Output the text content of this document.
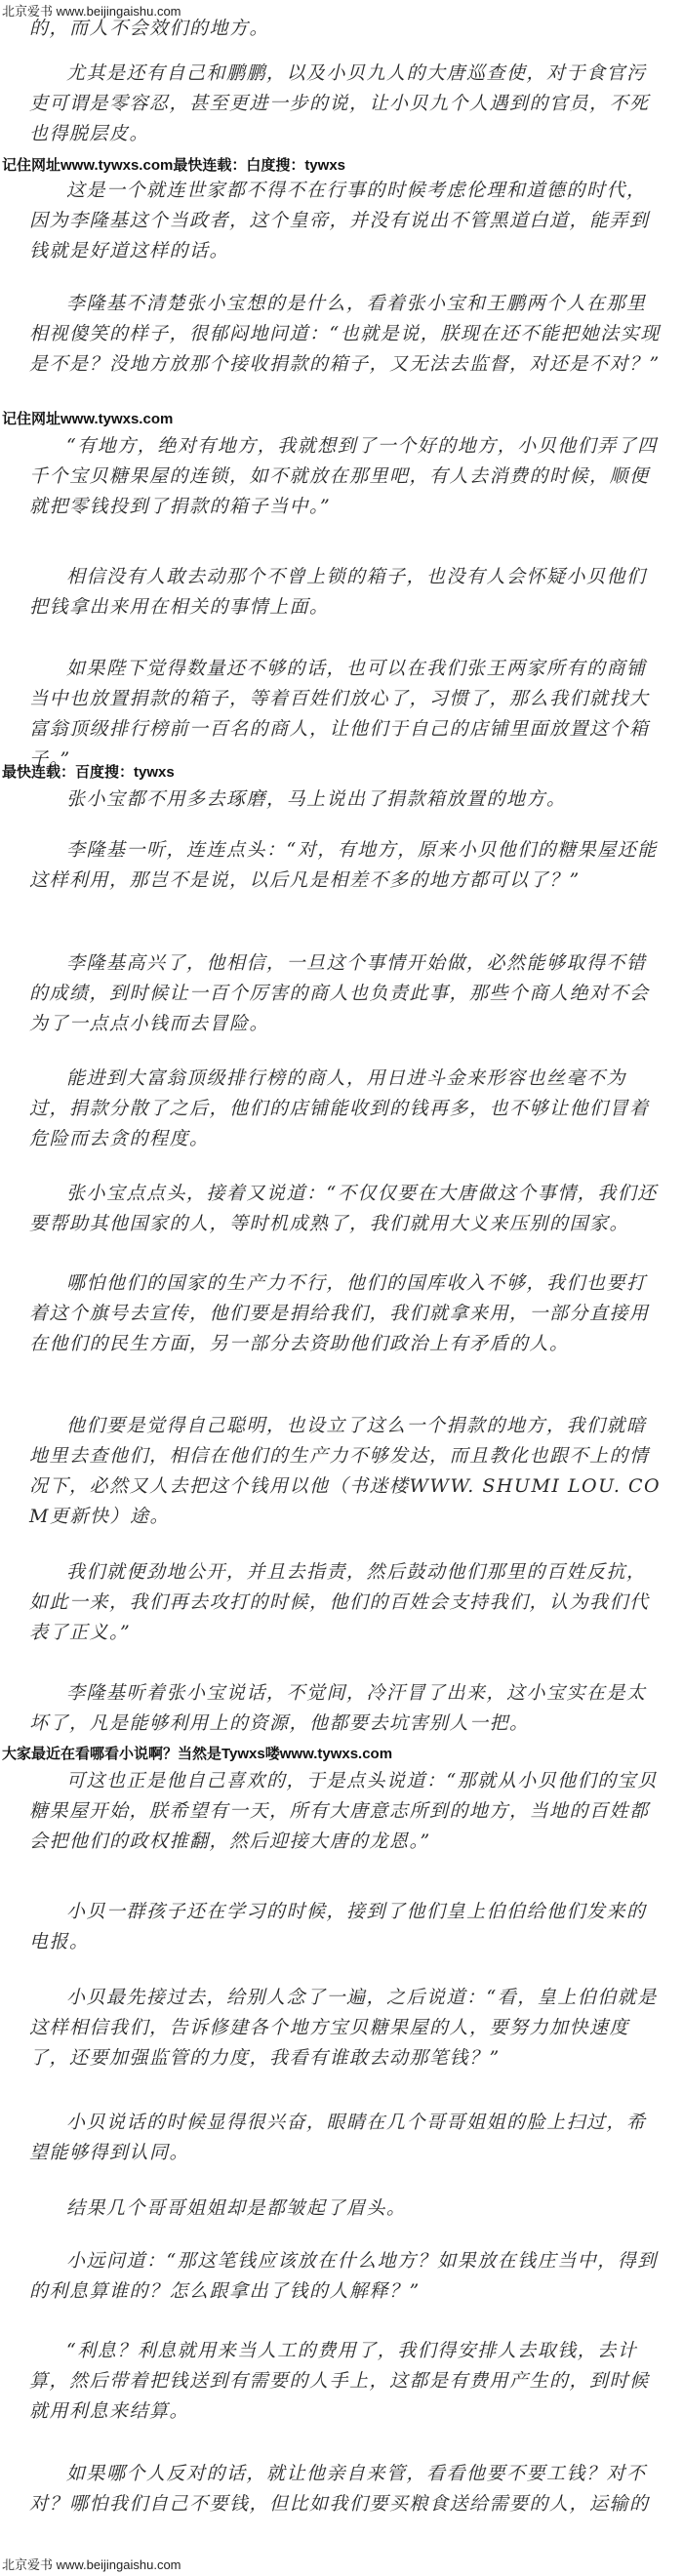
北京爱书 www.beijingaishu.com
的，而人不会效们的地方。
尤其是还有自己和鹏鹏，以及小贝九人的大唐巡查使，对于食官污吏可谓是零容忍，甚至更进一步的说，让小贝九个人遇到的官员，不死也得脱层皮。
记住网址www.tywxs.com最快连载：白度搜：tywxs
这是一个就连世家都不得不在行事的时候考虑伦理和道德的时代，因为李隆基这个当政者，这个皇帝，并没有说出不管黑道白道，能弄到钱就是好道这样的话。
李隆基不清楚张小宝想的是什么，看着张小宝和王鹏两个人在那里相视傻笑的样子，很郁闷地问道：“也就是说，朕现在还不能把她法实现是不是？没地方放那个接收捐款的箱子，又无法去监督，对还是不对？”
记住网址www.tywxs.com
“有地方，绝对有地方，我就想到了一个好的地方，小贝他们弄了四千个宝贝糖果屋的连锁，如不就放在那里吧，有人去消费的时候，顺便就把零钱投到了捐款的箱子当中。”
相信没有人敢去动那个不曾上锁的箱子，也没有人会怀疑小贝他们把钱拿出来用在相关的事情上面。
如果陛下觉得数量还不够的话，也可以在我们张王两家所有的商铺当中也放置捐款的箱子，等着百姓们放心了，习惯了，那么我们就找大富翁顶级排行榜前一百名的商人，让他们于自己的店铺里面放置这个箱子。”
最快连载：百度搜：tywxs
张小宝都不用多去琢磨，马上说出了捐款箱放置的地方。
李隆基一听，连连点头：“对，有地方，原来小贝他们的糖果屋还能这样利用，那岂不是说，以后凡是相差不多的地方都可以了？”
李隆基高兴了，他相信，一旦这个事情开始做，必然能够取得不错的成绩，到时候让一百个厉害的商人也负责此事，那些个商人绝对不会为了一点点小钱而去冒险。
能进到大富翁顶级排行榜的商人，用日进斗金来形容也丝毫不为过，捐款分散了之后，他们的店铺能收到的钱再多，也不够让他们冒着危险而去贪的程度。
张小宝点点头，接着又说道：“不仅仅要在大唐做这个事情，我们还要帮助其他国家的人，等时机成熟了，我们就用大义来压别的国家。
哪怕他们的国家的生产力不行，他们的国库收入不够，我们也要打着这个旗号去宣传，他们要是捐给我们，我们就拿来用，一部分直接用在他们的民生方面，另一部分去资助他们政治上有矛盾的人。
他们要是觉得自己聪明，也设立了这么一个捐款的地方，我们就暗地里去查他们，相信在他们的生产力不够发达，而且教化也跟不上的情况下，必然又人去把这个钱用以他（书迷楼WWW. SHUMI LOU. COM更新快）途。
我们就便劲地公开，并且去指责，然后鼓动他们那里的百姓反抗，如此一来，我们再去攻打的时候，他们的百姓会支持我们，认为我们代表了正义。”
李隆基听着张小宝说话，不觉间，冷汗冒了出来，这小宝实在是太坏了，凡是能够利用上的资源，他都要去坑害别人一把。
大家最近在看哪看小说啊？当然是Tywxs喽www.tywxs.com
可这也正是他自己喜欢的，于是点头说道：“那就从小贝他们的宝贝糖果屋开始，朕希望有一天，所有大唐意志所到的地方，当地的百姓都会把他们的政权推翻，然后迎接大唐的龙恩。”
小贝一群孩子还在学习的时候，接到了他们皇上伯伯给他们发来的电报。
小贝最先接过去，给别人念了一遍，之后说道：“看，皇上伯伯就是这样相信我们，告诉修建各个地方宝贝糖果屋的人，要努力加快速度了，还要加强监管的力度，我看有谁敢去动那笔钱？”
小贝说话的时候显得很兴奋，眼睛在几个哥哥姐姐的脸上扫过，希望能够得到认同。
结果几个哥哥姐姐却是都皱起了眉头。
小远问道：“那这笔钱应该放在什么地方？如果放在钱庄当中，得到的利息算谁的？怎么跟拿出了钱的人解释？”
“利息？利息就用来当人工的费用了，我们得安排人去取钱，去计算，然后带着把钱送到有需要的人手上，这都是有费用产生的，到时候就用利息来结算。
如果哪个人反对的话，就让他亲自来管，看看他要不要工钱？对不对？哪怕我们自己不要钱，但比如我们要买粮食送给需要的人，运输的
北京爱书 www.beijingaishu.com
